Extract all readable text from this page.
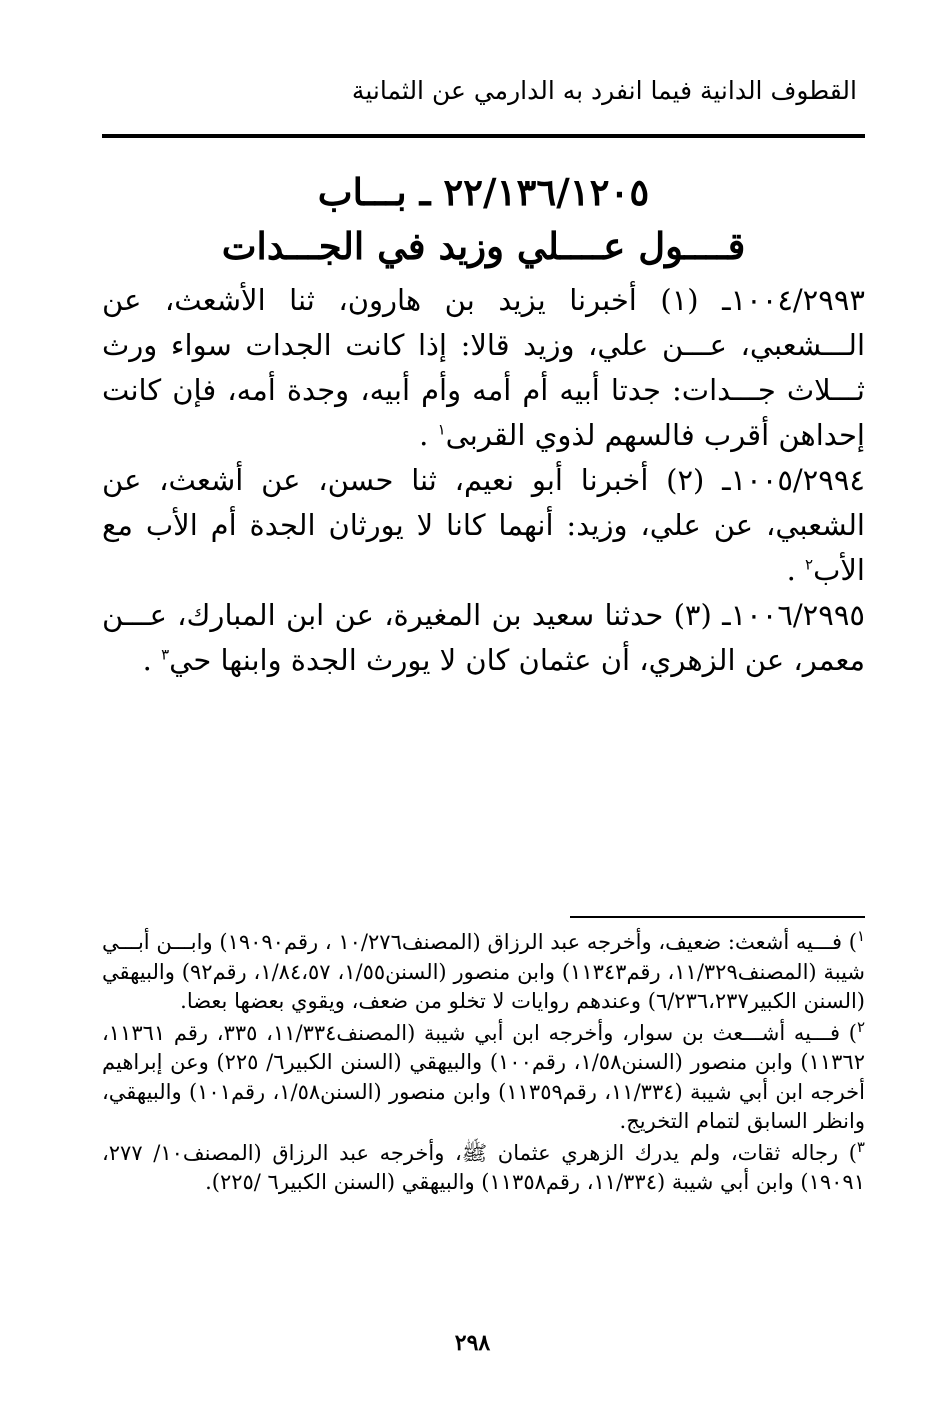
القطوف الدانية فيما انفرد به الدارمي عن الثمانية
٢٢/١٣٦/١٢٠٥ ـ بـــاب
قــــول عــــلي وزيد في الجـــدات

١٠٠٤/٢٩٩٣ـ (١) أخبرنا يزيد بن هارون، ثنا الأشعث، عن الـــشعبي، عـــن علي، وزيد قالا: إذا كانت الجدات سواء ورث ثـــلاث جـــدات: جدتا أبيه أم أمه وأم أبيه، وجدة أمه، فإن كانت إحداهن أقرب فالسهم لذوي القربى$^١$ .

١٠٠٥/٢٩٩٤ـ (٢) أخبرنا أبو نعيم، ثنا حسن، عن أشعث، عن الشعبي، عن علي، وزيد: أنهما كانا لا يورثان الجدة أم الأب مع الأب$^٢$ .

١٠٠٦/٢٩٩٥ـ (٣) حدثنا سعيد بن المغيرة، عن ابن المبارك، عـــن معمر، عن الزهري، أن عثمان كان لا يورث الجدة وابنها حي$^٣$ .

$^١$) فـــيه أشعث: ضعيف، وأخرجه عبد الرزاق (المصنف١٠/٢٧٦ ، رقم١٩٠٩٠) وابـــن أبـــي شيبة (المصنف١١/٣٢٩، رقم١١٣٤٣) وابن منصور (السنن١/٥٥، ١/٨٤،٥٧، رقم٩٢) والبيهقي (السنن الكبير٦/٢٣٦،٢٣٧) وعندهم روايات لا تخلو من ضعف، ويقوي بعضها بعضا.

$^٢$) فـــيه أشـــعث بن سوار، وأخرجه ابن أبي شيبة (المصنف١١/٣٣٤، ٣٣٥، رقم ١١٣٦١، ١١٣٦٢) وابن منصور (السنن١/٥٨، رقم١٠٠) والبيهقي (السنن الكبير٦/ ٢٢٥) وعن إبراهيم أخرجه ابن أبي شيبة (١١/٣٣٤، رقم١١٣٥٩) وابن منصور (السنن١/٥٨، رقم١٠١) والبيهقي، وانظر السابق لتمام التخريج.

$^٣$) رجاله ثقات، ولم يدرك الزهري عثمان ﷺ، وأخرجه عبد الرزاق (المصنف١٠/ ٢٧٧، ١٩٠٩١) وابن أبي شيبة (١١/٣٣٤، رقم١١٣٥٨) والبيهقي (السنن الكبير٦ /٢٢٥).

٢٩٨
